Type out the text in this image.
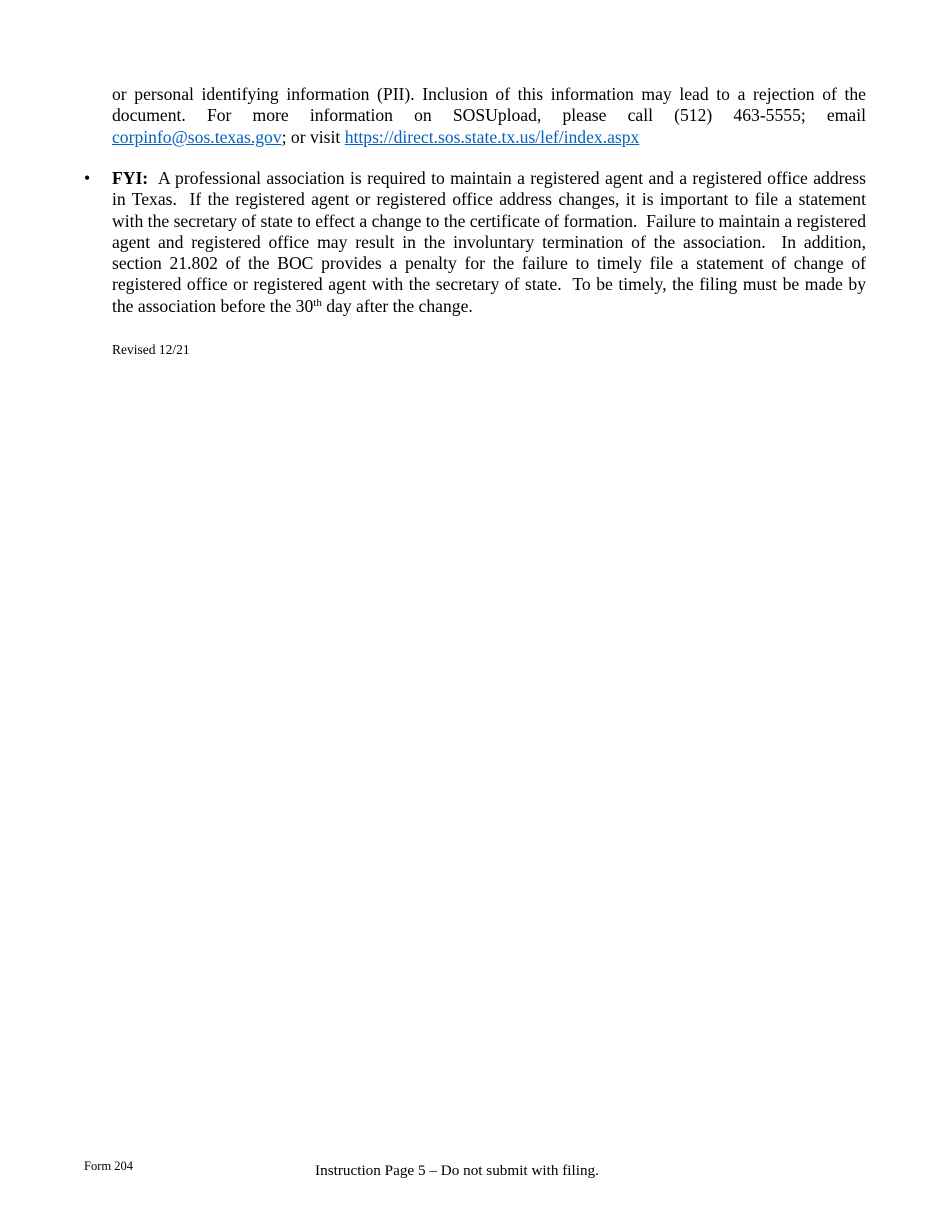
or personal identifying information (PII). Inclusion of this information may lead to a rejection of the document. For more information on SOSUpload, please call (512) 463-5555; email corpinfo@sos.texas.gov; or visit https://direct.sos.state.tx.us/lef/index.aspx

• FYI:  A professional association is required to maintain a registered agent and a registered office address in Texas.  If the registered agent or registered office address changes, it is important to file a statement with the secretary of state to effect a change to the certificate of formation.  Failure to maintain a registered agent and registered office may result in the involuntary termination of the association.  In addition, section 21.802 of the BOC provides a penalty for the failure to timely file a statement of change of registered office or registered agent with the secretary of state.  To be timely, the filing must be made by the association before the 30th day after the change.

Revised 12/21
Form 204	Instruction Page 5 – Do not submit with filing.
